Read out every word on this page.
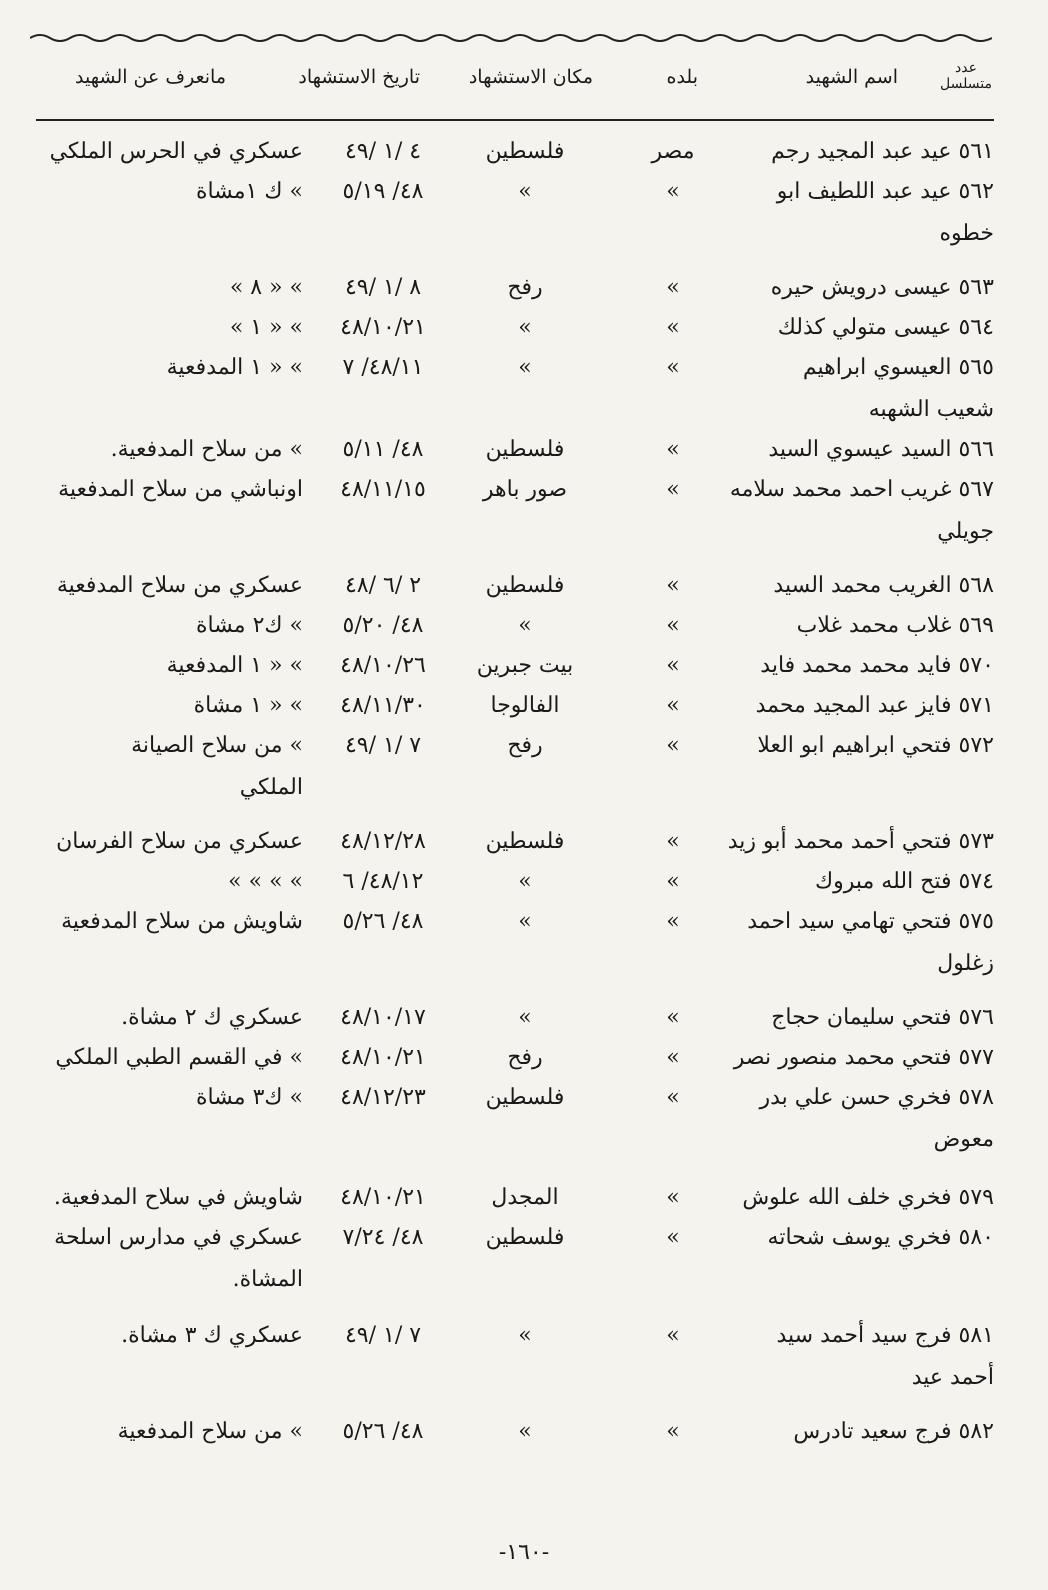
عدد
متسلسل
اسم الشهيد
بلده
مكان الاستشهاد
تاريخ الاستشهاد
مانعرف عن الشهيد
٥٦١ عيد عبد المجيد رجم
مصر
فلسطين
٤ /١ /٤٩
عسكري في الحرس الملكي
٥٦٢ عيد عبد اللطيف ابو
خطوه
»
»
٤٨/ ٥/١٩
» ك ١مشاة
٥٦٣ عيسى درويش حيره
»
رفح
٨ /١ /٤٩
» « ٨ »
٥٦٤ عيسى متولي كذلك
»
»
٤٨/١٠/٢١
» « ١ »
٥٦٥ العيسوي ابراهيم
شعيب الشهبه
»
»
٤٨/١١/ ٧
» « ١ المدفعية
٥٦٦ السيد عيسوي السيد
»
فلسطين
٤٨/ ٥/١١
» من سلاح المدفعية.
٥٦٧ غريب احمد محمد سلامه
جويلي
»
صور باهر
٤٨/١١/١٥
اونباشي من سلاح المدفعية
٥٦٨ الغريب محمد السيد
»
فلسطين
٢ /٦ /٤٨
عسكري من سلاح المدفعية
٥٦٩ غلاب محمد غلاب
»
»
٤٨/ ٥/٢٠
» ك٢ مشاة
٥٧٠ فايد محمد محمد فايد
»
بيت جبرين
٤٨/١٠/٢٦
» « ١ المدفعية
٥٧١ فايز عبد المجيد محمد
»
الفالوجا
٤٨/١١/٣٠
» « ١ مشاة
٥٧٢ فتحي ابراهيم ابو العلا
»
رفح
٧ /١ /٤٩
» من سلاح الصيانة
الملكي
٥٧٣ فتحي أحمد محمد أبو زيد
»
فلسطين
٤٨/١٢/٢٨
عسكري من سلاح الفرسان
٥٧٤ فتح الله مبروك
»
»
٤٨/١٢/ ٦
» » » »
٥٧٥ فتحي تهامي سيد احمد
زغلول
»
»
٤٨/ ٥/٢٦
شاويش من سلاح المدفعية
٥٧٦ فتحي سليمان حجاج
»
»
٤٨/١٠/١٧
عسكري ك ٢ مشاة.
٥٧٧ فتحي محمد منصور نصر
»
رفح
٤٨/١٠/٢١
» في القسم الطبي الملكي
٥٧٨ فخري حسن علي بدر
معوض
»
فلسطين
٤٨/١٢/٢٣
» ك٣ مشاة
٥٧٩ فخري خلف الله علوش
»
المجدل
٤٨/١٠/٢١
شاويش في سلاح المدفعية.
٥٨٠ فخري يوسف شحاته
»
فلسطين
٤٨/ ٧/٢٤
عسكري في مدارس اسلحة
المشاة.
٥٨١ فرج سيد أحمد سيد
أحمد عيد
»
»
٧ /١ /٤٩
عسكري ك ٣ مشاة.
٥٨٢ فرج سعيد تادرس
»
»
٤٨/ ٥/٢٦
» من سلاح المدفعية
-١٦٠-
